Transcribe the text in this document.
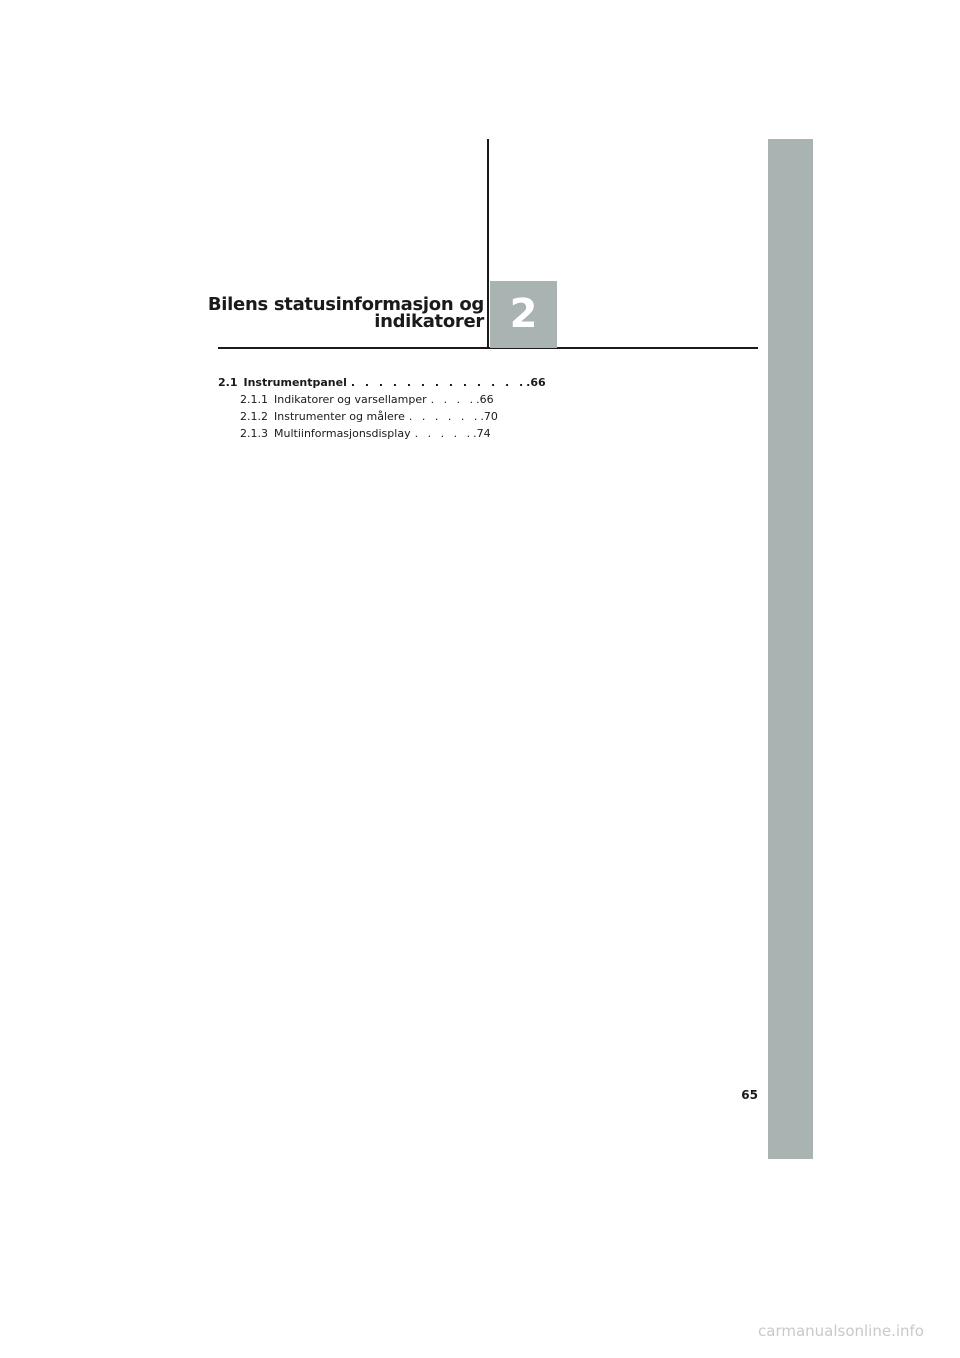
2
Bilens statusinformasjon og
indikatorer
2.1 Instrumentpanel . . . . . . . . . . . . . .66
2.1.1 Indikatorer og varsellamper . . . . .66
2.1.2 Instrumenter og målere . . . . . . .70
2.1.3 Multiinformasjonsdisplay . . . . . .74
65
carmanualsonline.info
